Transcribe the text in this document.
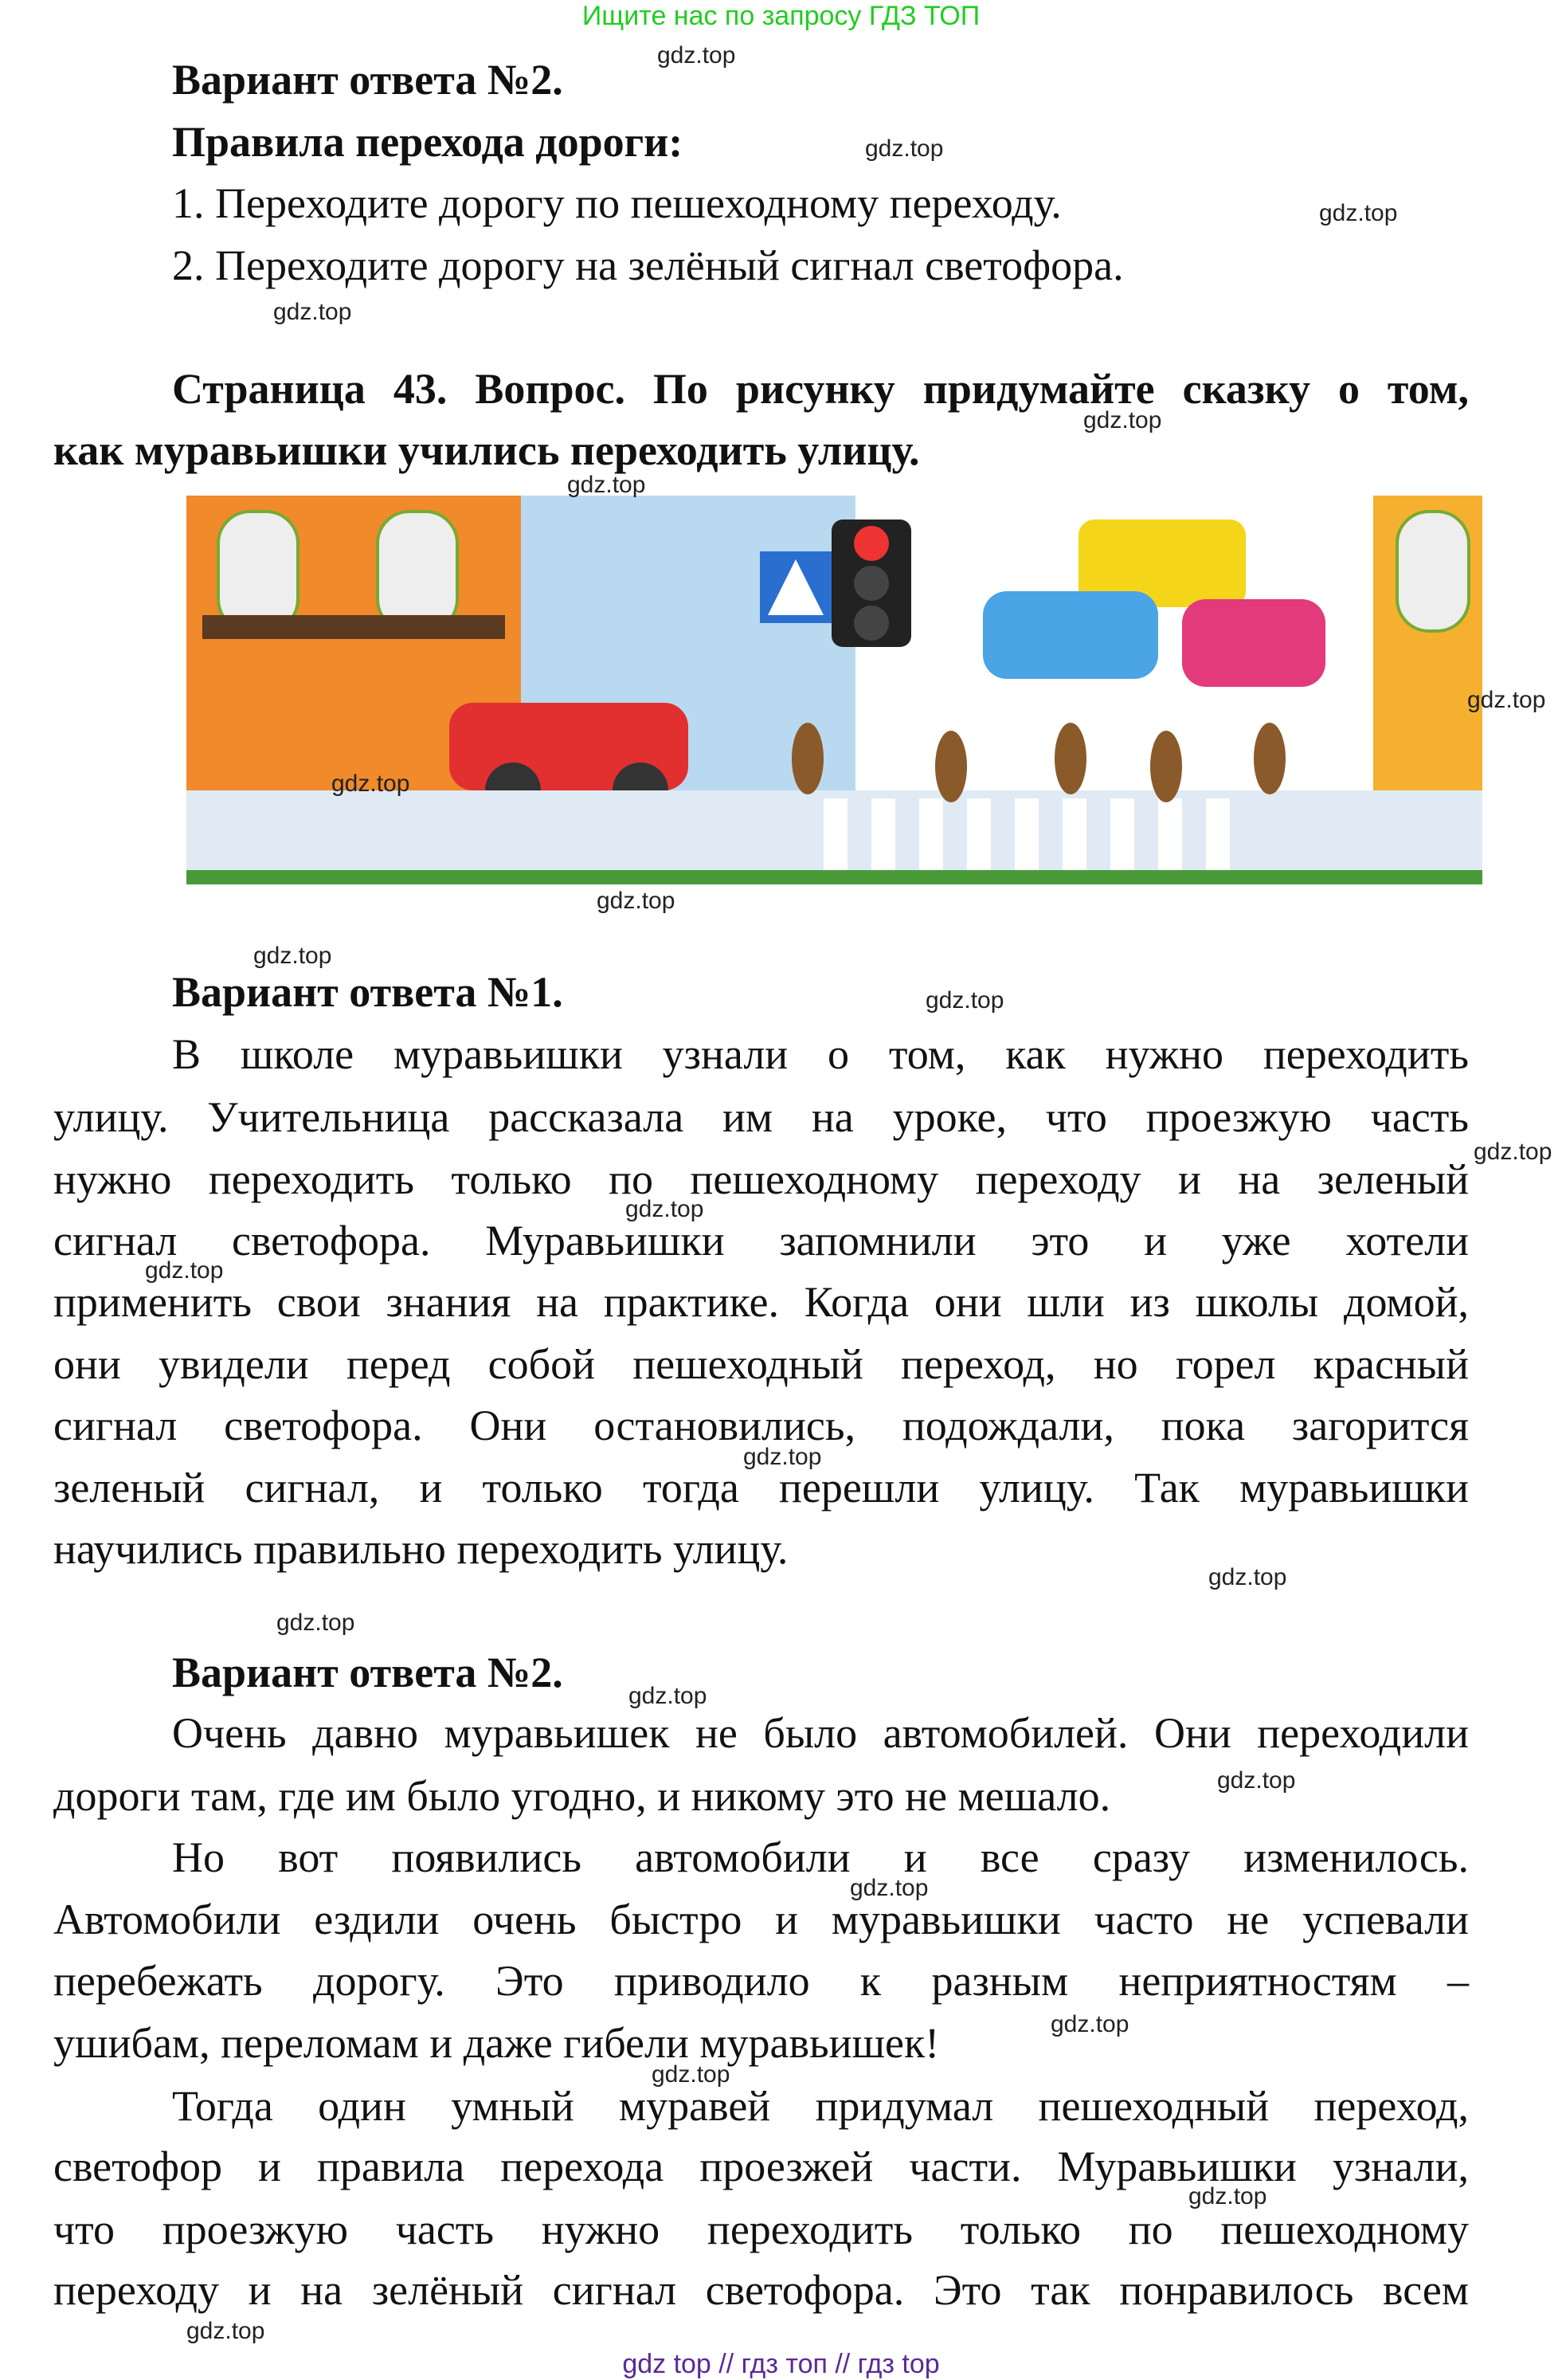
Ищите нас по запросу ГДЗ ТОП
Вариант ответа №2.
Правила перехода дороги:
1. Переходите дорогу по пешеходному переходу.
2. Переходите дорогу на зелёный сигнал светофора.
Страница 43. Вопрос. По рисунку придумайте сказку о том,
как муравьишки учились переходить улицу.
Вариант ответа №1.
В школе муравьишки узнали о том, как нужно переходить
улицу. Учительница рассказала им на уроке, что проезжую часть
нужно переходить только по пешеходному переходу и на зеленый
сигнал светофора. Муравьишки запомнили это и уже хотели
применить свои знания на практике. Когда они шли из школы домой,
они увидели перед собой пешеходный переход, но горел красный
сигнал светофора. Они остановились, подождали, пока загорится
зеленый сигнал, и только тогда перешли улицу. Так муравьишки
научились правильно переходить улицу.
Вариант ответа №2.
Очень давно муравьишек не было автомобилей. Они переходили
дороги там, где им было угодно, и никому это не мешало.
Но вот появились автомобили и все сразу изменилось.
Автомобили ездили очень быстро и муравьишки часто не успевали
перебежать дорогу. Это приводило к разным неприятностям –
ушибам, переломам и даже гибели муравьишек!
Тогда один умный муравей придумал пешеходный переход,
светофор и правила перехода проезжей части. Муравьишки узнали,
что проезжую часть нужно переходить только по пешеходному
переходу и на зелёный сигнал светофора. Это так понравилось всем
gdz.top
gdz.top
gdz.top
gdz.top
gdz.top
gdz.top
gdz.top
gdz.top
gdz.top
gdz.top
gdz.top
gdz.top
gdz.top
gdz.top
gdz.top
gdz.top
gdz.top
gdz.top
gdz.top
gdz.top
gdz.top
gdz.top
gdz.top
gdz.top
gdz top // гдз топ // гдз top
